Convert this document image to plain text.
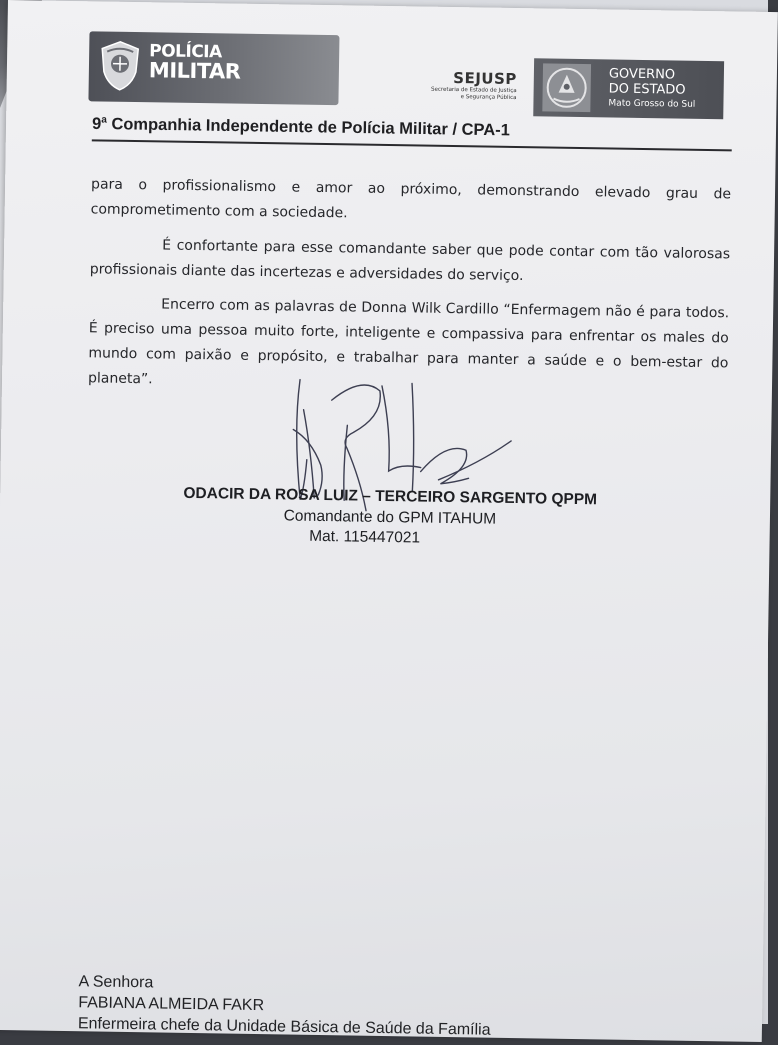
POLÍCIA
MILITAR	SEJUSP
Secretaria de Estado de Justiça
e Segurança Pública
GOVERNO
DO ESTADO
Mato Grosso do Sul
9$^a$ Companhia Independente de Polícia Militar / CPA-1

para o profissionalismo e amor ao próximo, demonstrando elevado grau de comprometimento com a sociedade.

É confortante para esse comandante saber que pode contar com tão valorosas profissionais diante das incertezas e adversidades do serviço.

Encerro com as palavras de Donna Wilk Cardillo “Enfermagem não é para todos. É preciso uma pessoa muito forte, inteligente e compassiva para enfrentar os males do mundo com paixão e propósito, e trabalhar para manter a saúde e o bem-estar do planeta”.

ODACIR DA ROSA LUIZ – TERCEIRO SARGENTO QPPM
Comandante do GPM ITAHUM
Mat. 115447021
A Senhora
FABIANA ALMEIDA FAKR
Enfermeira chefe da Unidade Básica de Saúde da Família
